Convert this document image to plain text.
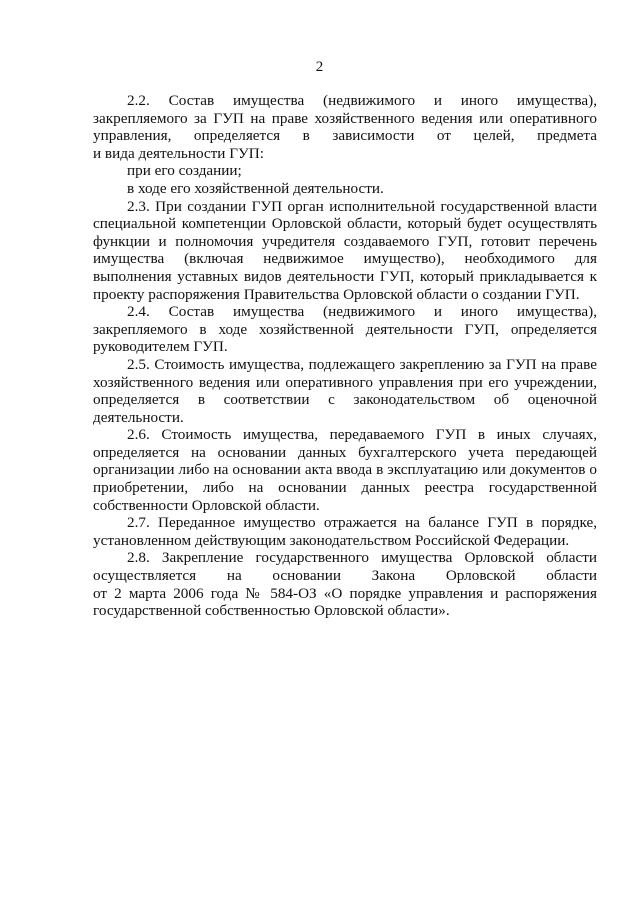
2
2.2. Состав имущества (недвижимого и иного имущества),
закрепляемого за ГУП на праве хозяйственного ведения или оперативного
управления, определяется в зависимости от целей, предмета
и вида деятельности ГУП:
при его создании;
в ходе его хозяйственной деятельности.
2.3. При создании ГУП орган исполнительной государственной власти
специальной компетенции Орловской области, который будет осуществлять
функции и полномочия учредителя создаваемого ГУП, готовит перечень
имущества (включая недвижимое имущество), необходимого для
выполнения уставных видов деятельности ГУП, который прикладывается к
проекту распоряжения Правительства Орловской области о создании ГУП.
2.4. Состав имущества (недвижимого и иного имущества),
закрепляемого в ходе хозяйственной деятельности ГУП, определяется
руководителем ГУП.
2.5. Стоимость имущества, подлежащего закреплению за ГУП на праве
хозяйственного ведения или оперативного управления при его учреждении,
определяется в соответствии с законодательством об оценочной
деятельности.
2.6. Стоимость имущества, передаваемого ГУП в иных случаях,
определяется на основании данных бухгалтерского учета передающей
организации либо на основании акта ввода в эксплуатацию или документов о
приобретении, либо на основании данных реестра государственной
собственности Орловской области.
2.7. Переданное имущество отражается на балансе ГУП в порядке,
установленном действующим законодательством Российской Федерации.
2.8. Закрепление государственного имущества Орловской области
осуществляется на основании Закона Орловской области
от 2 марта 2006 года № 584-ОЗ «О порядке управления и распоряжения
государственной собственностью Орловской области».
